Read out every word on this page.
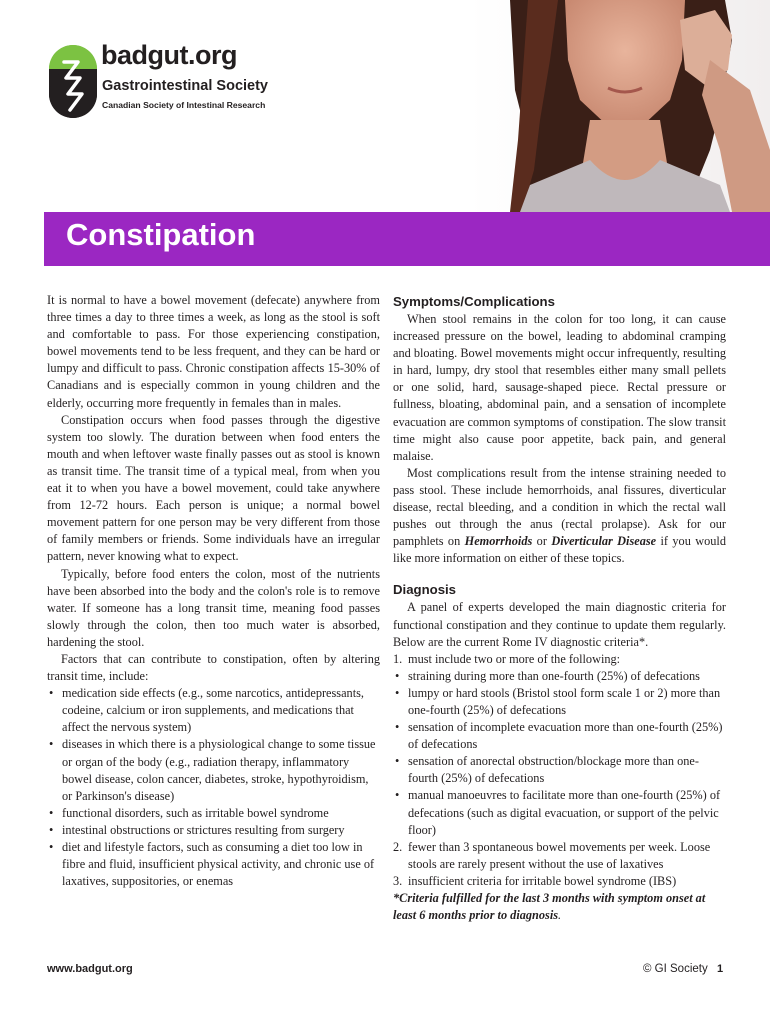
badgut.org
Gastrointestinal Society
Canadian Society of Intestinal Research
Constipation

It is normal to have a bowel movement (defecate) anywhere from three times a day to three times a week, as long as the stool is soft and comfortable to pass. For those experiencing constipation, bowel movements tend to be less frequent, and they can be hard or lumpy and difficult to pass. Chronic constipation affects 15-30% of Canadians and is especially common in young children and the elderly, occurring more frequently in females than in males.

Constipation occurs when food passes through the digestive system too slowly. The duration between when food enters the mouth and when leftover waste finally passes out as stool is known as transit time. The transit time of a typical meal, from when you eat it to when you have a bowel movement, could take anywhere from 12-72 hours. Each person is unique; a normal bowel movement pattern for one person may be very different from those of family members or friends. Some individuals have an irregular pattern, never knowing what to expect.

Typically, before food enters the colon, most of the nutrients have been absorbed into the body and the colon's role is to remove water. If someone has a long transit time, meaning food passes slowly through the colon, then too much water is absorbed, hardening the stool.

Factors that can contribute to constipation, often by altering transit time, include:

• medication side effects (e.g., some narcotics, antidepressants, codeine, calcium or iron supplements, and medications that affect the nervous system)
• diseases in which there is a physiological change to some tissue or organ of the body (e.g., radiation therapy, inflammatory bowel disease, colon cancer, diabetes, stroke, hypothyroidism, or Parkinson's disease)
• functional disorders, such as irritable bowel syndrome
• intestinal obstructions or strictures resulting from surgery
• diet and lifestyle factors, such as consuming a diet too low in fibre and fluid, insufficient physical activity, and chronic use of laxatives, suppositories, or enemas
Symptoms/Complications

When stool remains in the colon for too long, it can cause increased pressure on the bowel, leading to abdominal cramping and bloating. Bowel movements might occur infrequently, resulting in hard, lumpy, dry stool that resembles either many small pellets or one solid, hard, sausage-shaped piece. Rectal pressure or fullness, bloating, abdominal pain, and a sensation of incomplete evacuation are common symptoms of constipation. The slow transit time might also cause poor appetite, back pain, and general malaise.

Most complications result from the intense straining needed to pass stool. These include hemorrhoids, anal fissures, diverticular disease, rectal bleeding, and a condition in which the rectal wall pushes out through the anus (rectal prolapse). Ask for our pamphlets on Hemorrhoids or Diverticular Disease if you would like more information on either of these topics.

Diagnosis

A panel of experts developed the main diagnostic criteria for functional constipation and they continue to update them regularly. Below are the current Rome IV diagnostic criteria*.

1. must include two or more of the following:
• straining during more than one-fourth (25%) of defecations
• lumpy or hard stools (Bristol stool form scale 1 or 2) more than one-fourth (25%) of defecations
• sensation of incomplete evacuation more than one-fourth (25%) of defecations
• sensation of anorectal obstruction/blockage more than one-fourth (25%) of defecations
• manual manoeuvres to facilitate more than one-fourth (25%) of defecations (such as digital evacuation, or support of the pelvic floor)
2. fewer than 3 spontaneous bowel movements per week. Loose stools are rarely present without the use of laxatives
3. insufficient criteria for irritable bowel syndrome (IBS)

*Criteria fulfilled for the last 3 months with symptom onset at least 6 months prior to diagnosis.

www.badgut.org	© GI Society 1
